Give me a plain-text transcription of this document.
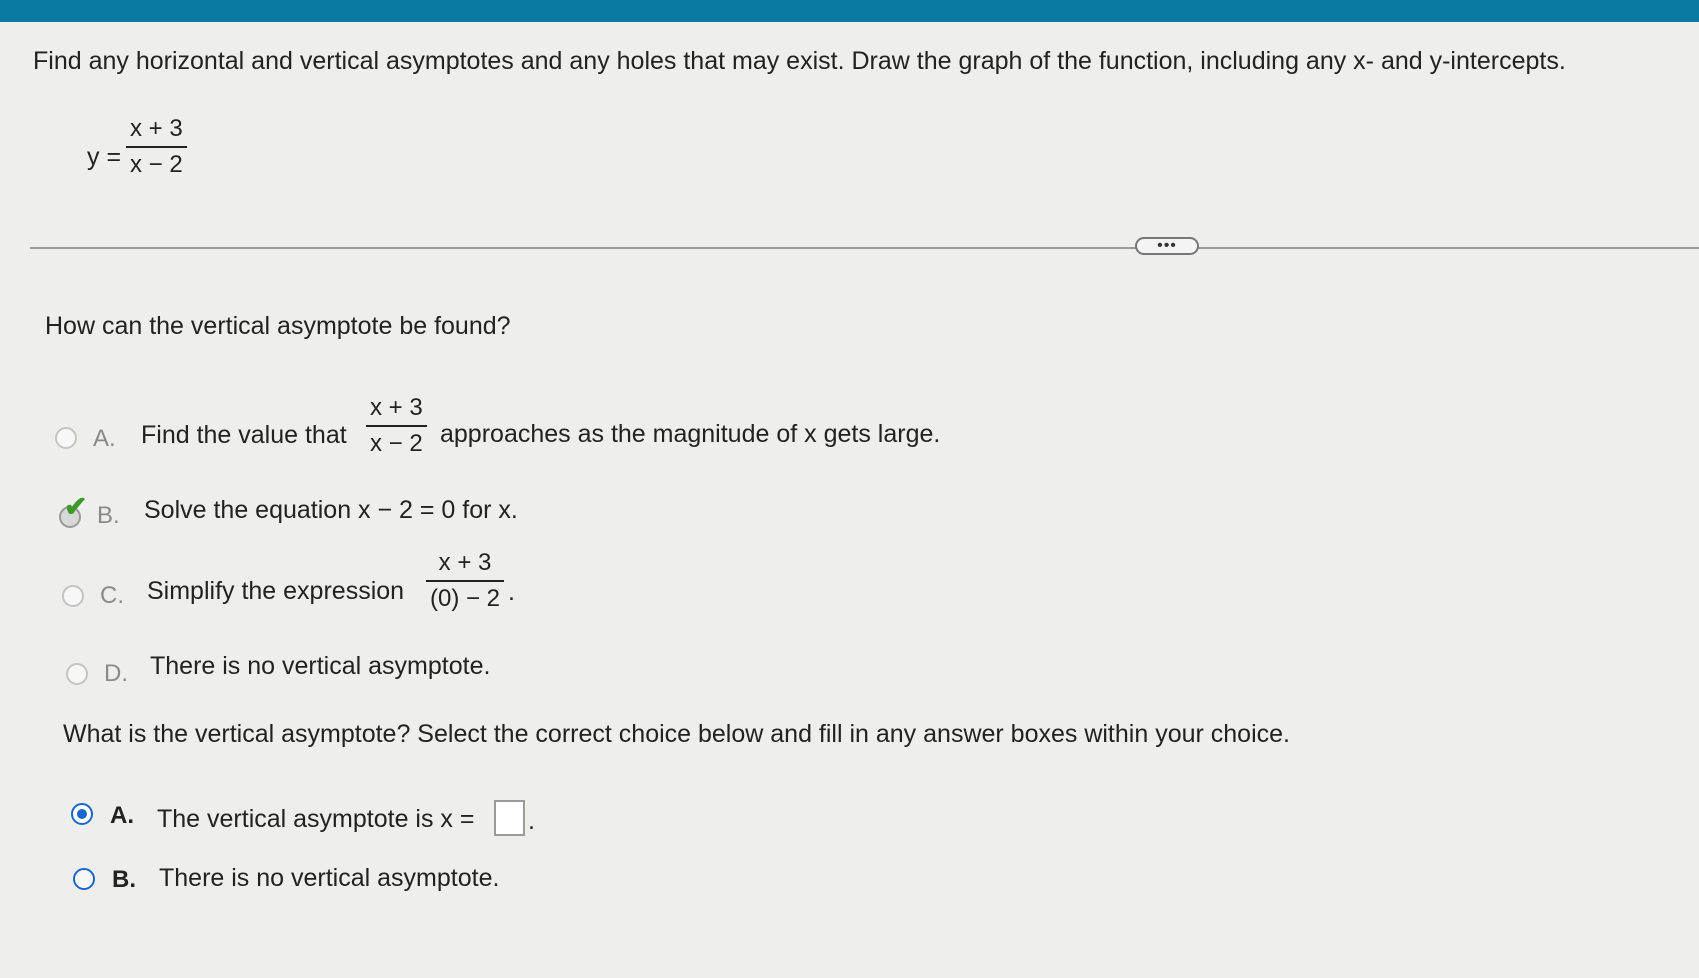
Find any horizontal and vertical asymptotes and any holes that may exist. Draw the graph of the function, including any x- and y-intercepts.
$y = \frac{x + 3}{x - 2}$
•••
How can the vertical asymptote be found?
A. Find the value that $\frac{x + 3}{x - 2}$ approaches as the magnitude of x gets large.
✔ B. Solve the equation x − 2 = 0 for x.
C. Simplify the expression $\frac{x + 3}{(0) - 2}$ .
D. There is no vertical asymptote.
What is the vertical asymptote? Select the correct choice below and fill in any answer boxes within your choice.
A. The vertical asymptote is x = .
B. There is no vertical asymptote.
